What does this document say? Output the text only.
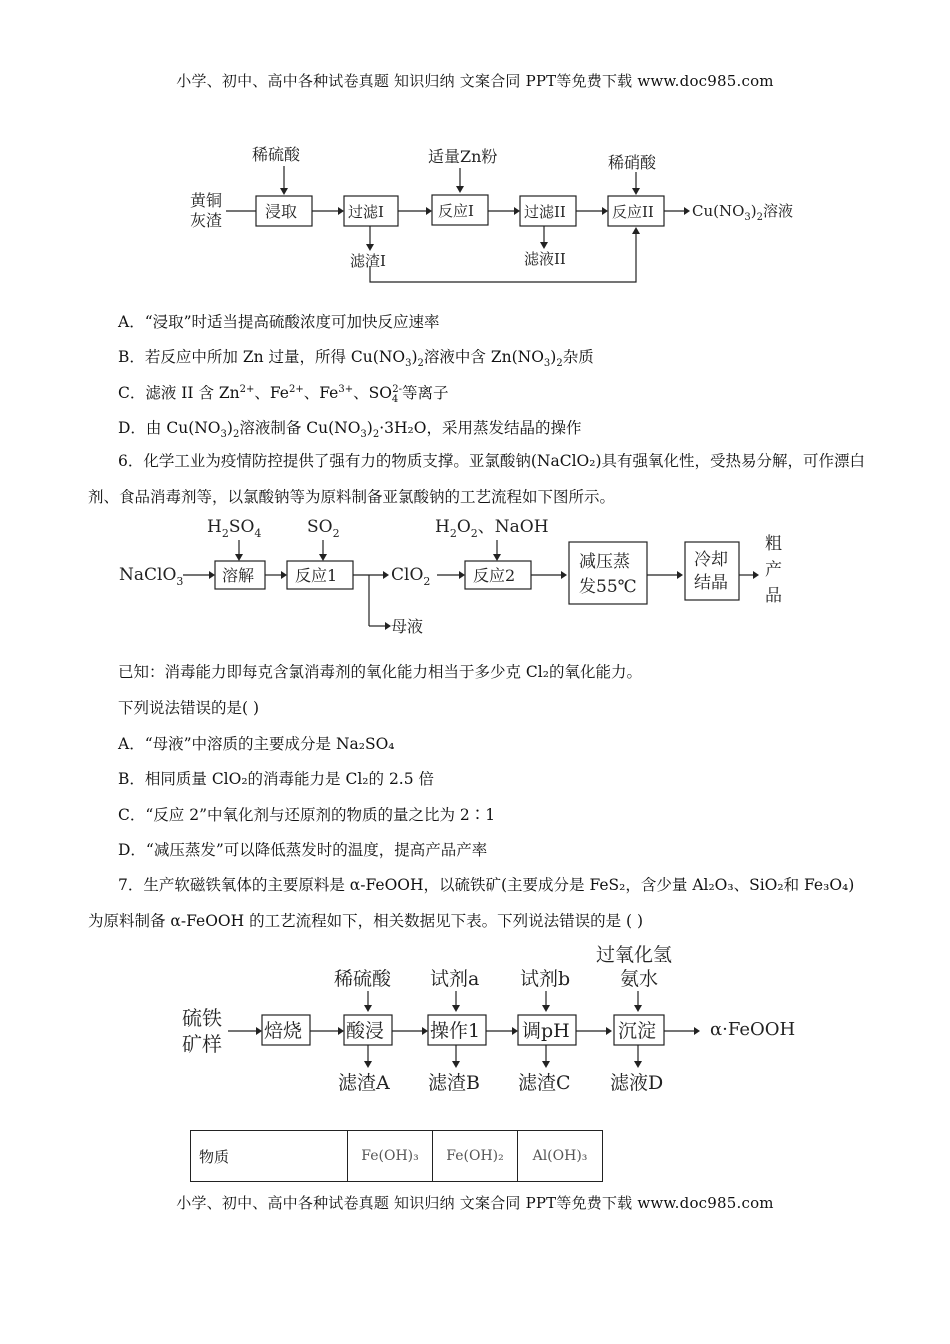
小学、初中、高中各种试卷真题 知识归纳 文案合同 PPT等免费下载 www.doc985.com
黄铜
灰渣
稀硫酸
浸取	过滤I
滤渣I
适量Zn粉
反应I	过滤II
滤液II
稀硝酸
反应II	$Cu(NO_3)_2$溶液
A．“浸取”时适当提高硫酸浓度可加快反应速率
B．若反应中所加 Zn 过量，所得 $Cu(NO_3)_2$溶液中含 $Zn(NO_3)_2$杂质
C．滤液 II 含 $Zn^{2+}$、$Fe^{2+}$、$Fe^{3+}$、$SO_4^{2-}$等离子
D．由 $Cu(NO_3)_2$溶液制备 $Cu(NO_3)_2\cdot 3H_2O$，采用蒸发结晶的操作
6．化学工业为疫情防控提供了强有力的物质支撑。亚氯酸钠(NaClO₂)具有强氧化性，受热易分解，可作漂白剂、食品消毒剂等，以氯酸钠等为原料制备亚氯酸钠的工艺流程如下图所示。
NaClO$_3$
$H_2SO_4$
溶解
$SO_2$
反应1
母液
ClO$_2$
$H_2O_2$、NaOH
反应2
减压蒸
发55℃
冷却
结晶
粗
产
品
已知：消毒能力即每克含氯消毒剂的氧化能力相当于多少克 Cl₂的氧化能力。
下列说法错误的是( )
A．“母液”中溶质的主要成分是 Na₂SO₄
B．相同质量 ClO₂的消毒能力是 Cl₂的 2.5 倍
C．“反应 2”中氧化剂与还原剂的物质的量之比为 2∶1
D．“减压蒸发”可以降低蒸发时的温度，提高产品产率
7．生产软磁铁氧体的主要原料是 α-FeOOH，以硫铁矿(主要成分是 FeS₂，含少量 Al₂O₃、SiO₂和 Fe₃O₄)为原料制备 α-FeOOH 的工艺流程如下，相关数据见下表。下列说法错误的是 ( )
硫铁
矿样
焙烧
稀硫酸
酸浸
滤渣A
试剂a
操作1
滤渣B
试剂b
调pH
滤渣C
过氧化氢
氨水
沉淀
滤液D
α·FeOOH
物质	Fe(OH)₃	Fe(OH)₂	Al(OH)₃
小学、初中、高中各种试卷真题 知识归纳 文案合同 PPT等免费下载 www.doc985.com
